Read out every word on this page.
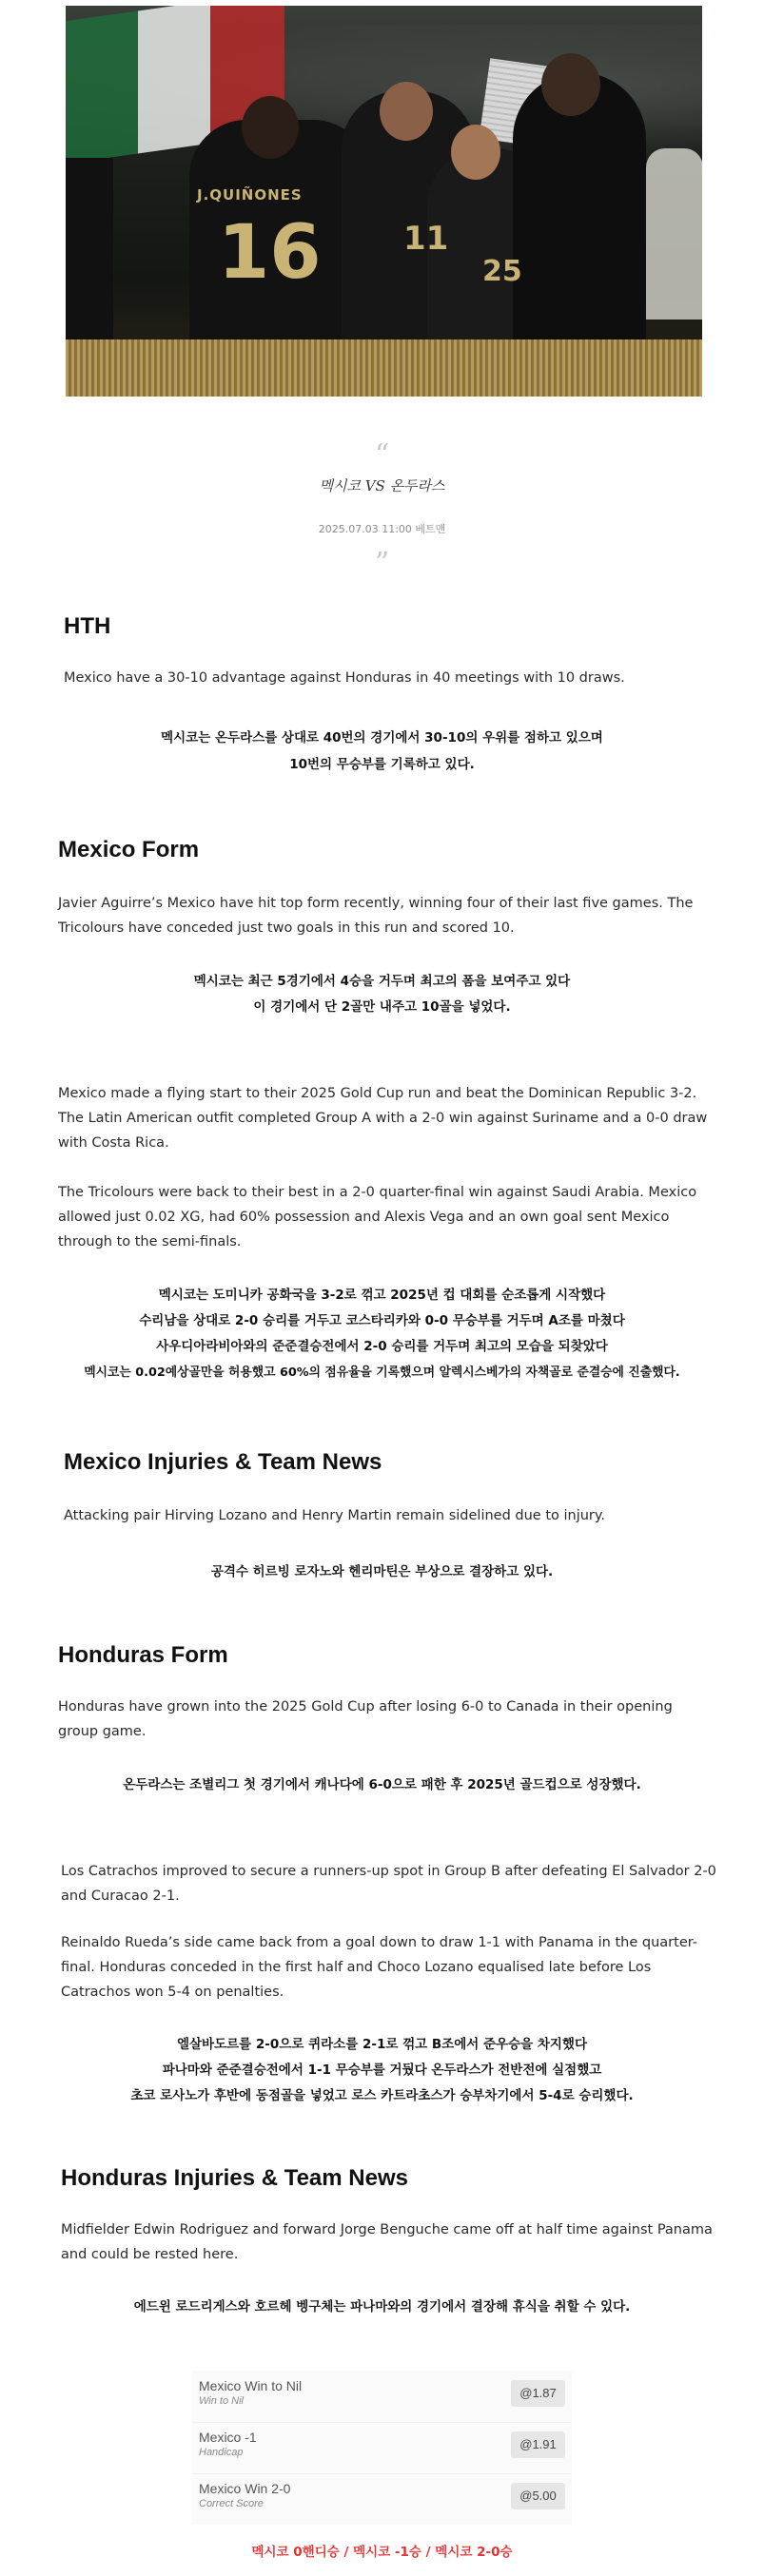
J.QUIÑONES
16	11
25
“
멕시코 VS 온두라스
2025.07.03 11:00 베트맨
”
HTH

Mexico have a 30-10 advantage against Honduras in 40 meetings with 10 draws.

멕시코는 온두라스를 상대로 40번의 경기에서 30-10의 우위를 점하고 있으며

10번의 무승부를 기록하고 있다.

Mexico Form

Javier Aguirre’s Mexico have hit top form recently, winning four of their last five games. The Tricolours have conceded just two goals in this run and scored 10.

멕시코는 최근 5경기에서 4승을 거두며 최고의 폼을 보여주고 있다

이 경기에서 단 2골만 내주고 10골을 넣었다.

Mexico made a flying start to their 2025 Gold Cup run and beat the Dominican Republic 3-2. The Latin American outfit completed Group A with a 2-0 win against Suriname and a 0-0 draw with Costa Rica.

The Tricolours were back to their best in a 2-0 quarter-final win against Saudi Arabia. Mexico allowed just 0.02 XG, had 60% possession and Alexis Vega and an own goal sent Mexico through to the semi-finals.

멕시코는 도미니카 공화국을 3-2로 꺾고 2025년 컵 대회를 순조롭게 시작했다

수리남을 상대로 2-0 승리를 거두고 코스타리카와 0-0 무승부를 거두며 A조를 마쳤다

사우디아라비아와의 준준결승전에서 2-0 승리를 거두며 최고의 모습을 되찾았다

멕시코는 0.02예상골만을 허용했고 60%의 점유율을 기록했으며 알렉시스베가의 자책골로 준결승에 진출했다.

Mexico Injuries & Team News

Attacking pair Hirving Lozano and Henry Martin remain sidelined due to injury.

공격수 히르빙 로자노와 헨리마틴은 부상으로 결장하고 있다.

Honduras Form

Honduras have grown into the 2025 Gold Cup after losing 6-0 to Canada in their opening group game.

온두라스는 조별리그 첫 경기에서 캐나다에 6-0으로 패한 후 2025년 골드컵으로 성장했다.

Los Catrachos improved to secure a runners-up spot in Group B after defeating El Salvador 2-0 and Curacao 2-1.

Reinaldo Rueda’s side came back from a goal down to draw 1-1 with Panama in the quarter-final. Honduras conceded in the first half and Choco Lozano equalised late before Los Catrachos won 5-4 on penalties.

엘살바도르를 2-0으로 퀴라소를 2-1로 꺾고 B조에서 준우승을 차지했다

파나마와 준준결승전에서 1-1 무승부를 거뒀다 온두라스가 전반전에 실점했고

초코 로사노가 후반에 동점골을 넣었고 로스 카트라초스가 승부차기에서 5-4로 승리했다.

Honduras Injuries & Team News

Midfielder Edwin Rodriguez and forward Jorge Benguche came off at half time against Panama and could be rested here.

에드윈 로드리게스와 호르헤 벵구체는 파나마와의 경기에서 결장해 휴식을 취할 수 있다.

Mexico Win to Nil
Win to Nil
@1.87
Mexico -1
Handicap
@1.91
Mexico Win 2-0
Correct Score
@5.00
멕시코 0핸디승 / 멕시코 -1승 / 멕시코 2-0승
